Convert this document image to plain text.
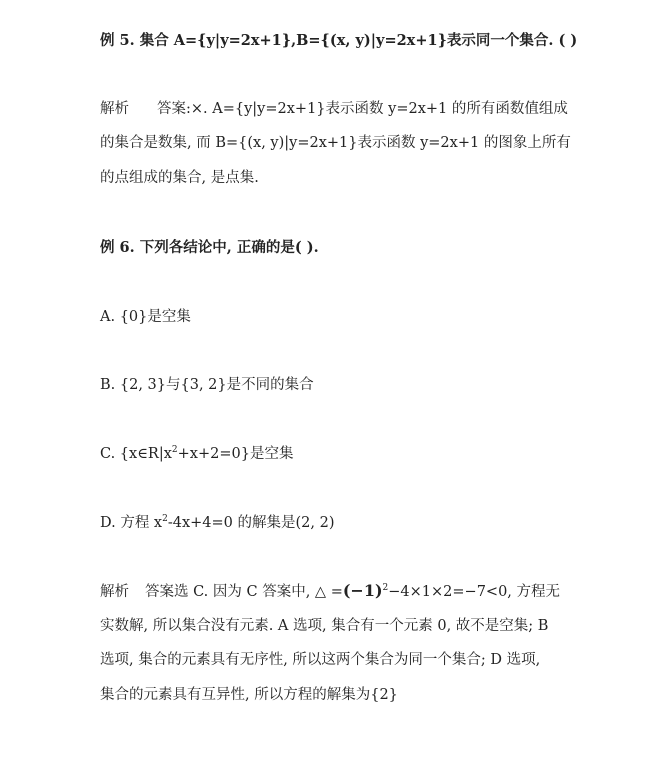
例 5. 集合 A={y|y=2x+1},B={(x, y)|y=2x+1}表示同一个集合. ( )
解析 答案:×. A={y|y=2x+1}表示函数 y=2x+1 的所有函数值组成
的集合是数集, 而 B={(x, y)|y=2x+1}表示函数 y=2x+1 的图象上所有
的点组成的集合, 是点集.
例 6. 下列各结论中, 正确的是( ).
A. {0}是空集
B. {2, 3}与{3, 2}是不同的集合
C. $\{x\in R|x^2+x+2=0\}$是空集
D. 方程 $x^2-4x+4=0$ 的解集是(2, 2)
解析 答案选 C. 因为 C 答案中, △ $=(-1)^2-4\times 1\times 2=-7<0$, 方程无
实数解, 所以集合没有元素. A 选项, 集合有一个元素 0, 故不是空集; B
选项, 集合的元素具有无序性, 所以这两个集合为同一个集合; D 选项,
集合的元素具有互异性, 所以方程的解集为{2}
